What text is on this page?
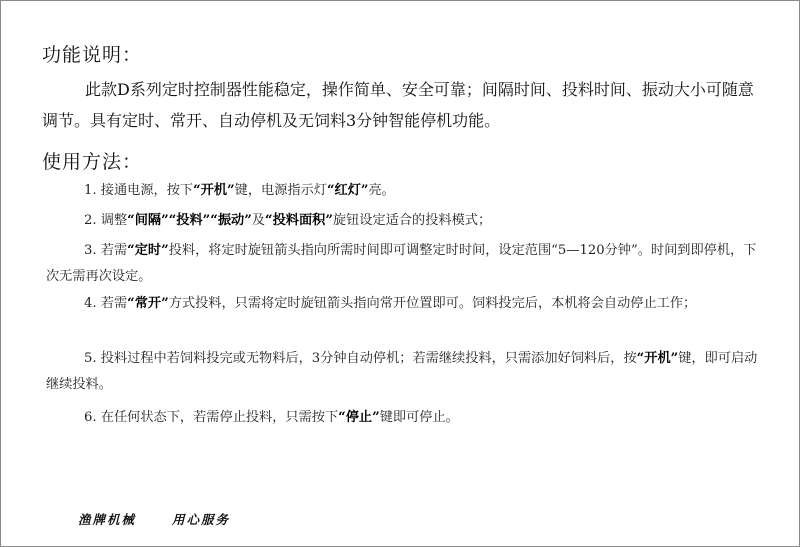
功能说明：
此款D系列定时控制器性能稳定，操作简单、安全可靠；间隔时间、投料时间、振动大小可随意调节。具有定时、常开、自动停机及无饲料3分钟智能停机功能。
使用方法：
1. 接通电源，按下“开机”键，电源指示灯“红灯”亮。
2. 调整“间隔”“投料”“振动”及“投料面积”旋钮设定适合的投料模式；
3. 若需“定时”投料，将定时旋钮箭头指向所需时间即可调整定时时间，设定范围“5—120分钟”。时间到即停机，下次无需再次设定。
4. 若需“常开”方式投料，只需将定时旋钮箭头指向常开位置即可。饲料投完后，本机将会自动停止工作；
5. 投料过程中若饲料投完或无物料后，3分钟自动停机；若需继续投料，只需添加好饲料后，按“开机”键，即可启动继续投料。
6. 在任何状态下，若需停止投料，只需按下“停止”键即可停止。
渔牌机械	用心服务
